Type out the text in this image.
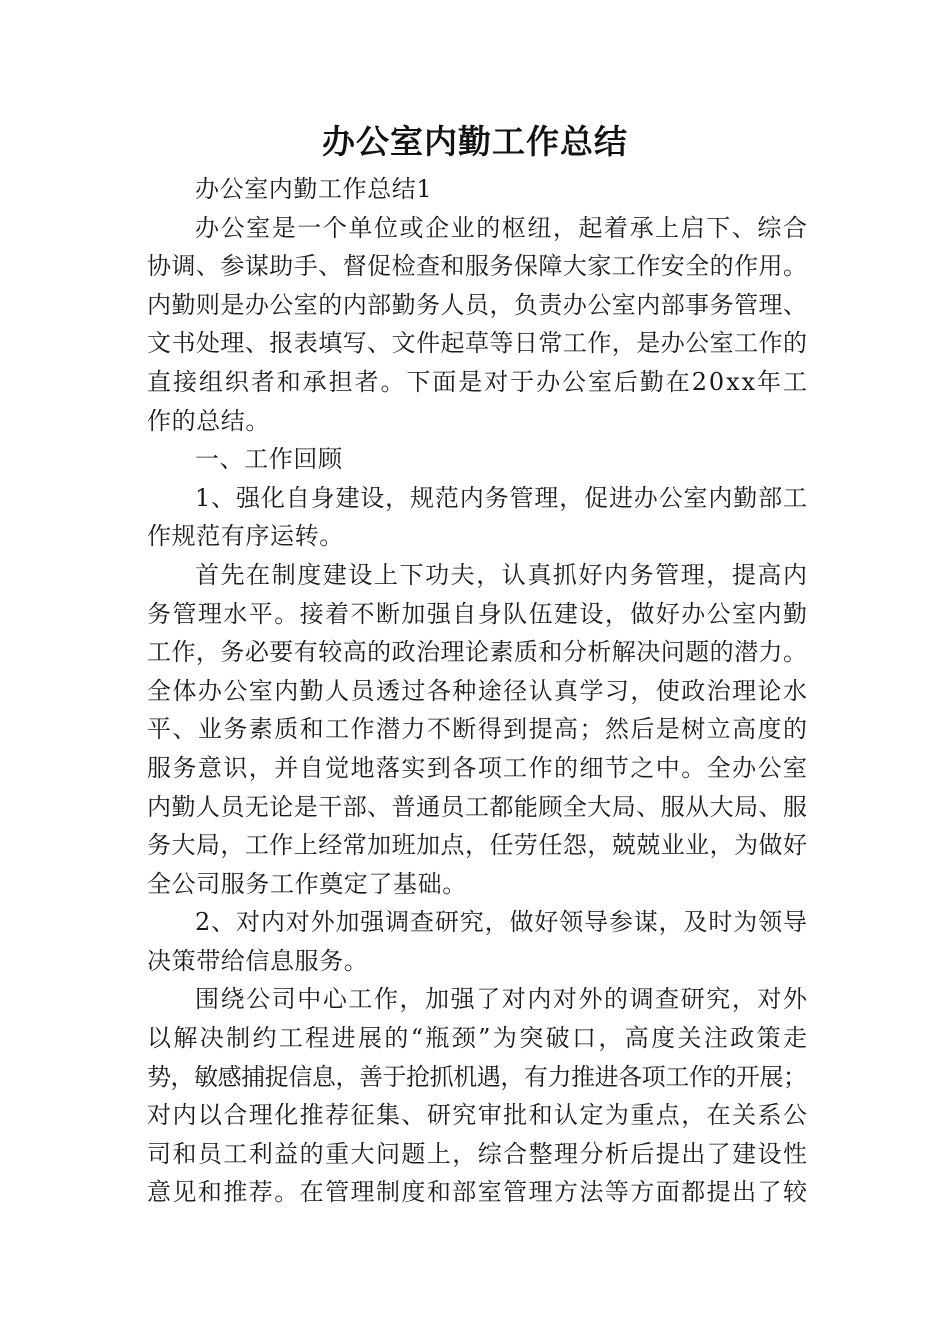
办公室内勤工作总结
办公室内勤工作总结1
办公室是一个单位或企业的枢纽，起着承上启下、综合
协调、参谋助手、督促检查和服务保障大家工作安全的作用。
内勤则是办公室的内部勤务人员，负责办公室内部事务管理、
文书处理、报表填写、文件起草等日常工作，是办公室工作的
直接组织者和承担者。下面是对于办公室后勤在20xx年工
作的总结。
一、工作回顾
1、强化自身建设，规范内务管理，促进办公室内勤部工
作规范有序运转。
首先在制度建设上下功夫，认真抓好内务管理，提高内
务管理水平。接着不断加强自身队伍建设，做好办公室内勤
工作，务必要有较高的政治理论素质和分析解决问题的潜力。
全体办公室内勤人员透过各种途径认真学习，使政治理论水
平、业务素质和工作潜力不断得到提高；然后是树立高度的
服务意识，并自觉地落实到各项工作的细节之中。全办公室
内勤人员无论是干部、普通员工都能顾全大局、服从大局、服
务大局，工作上经常加班加点，任劳任怨，兢兢业业，为做好
全公司服务工作奠定了基础。
2、对内对外加强调查研究，做好领导参谋，及时为领导
决策带给信息服务。
围绕公司中心工作，加强了对内对外的调查研究，对外
以解决制约工程进展的“瓶颈”为突破口，高度关注政策走
势，敏感捕捉信息，善于抢抓机遇，有力推进各项工作的开展；
对内以合理化推荐征集、研究审批和认定为重点，在关系公
司和员工利益的重大问题上，综合整理分析后提出了建设性
意见和推荐。在管理制度和部室管理方法等方面都提出了较
